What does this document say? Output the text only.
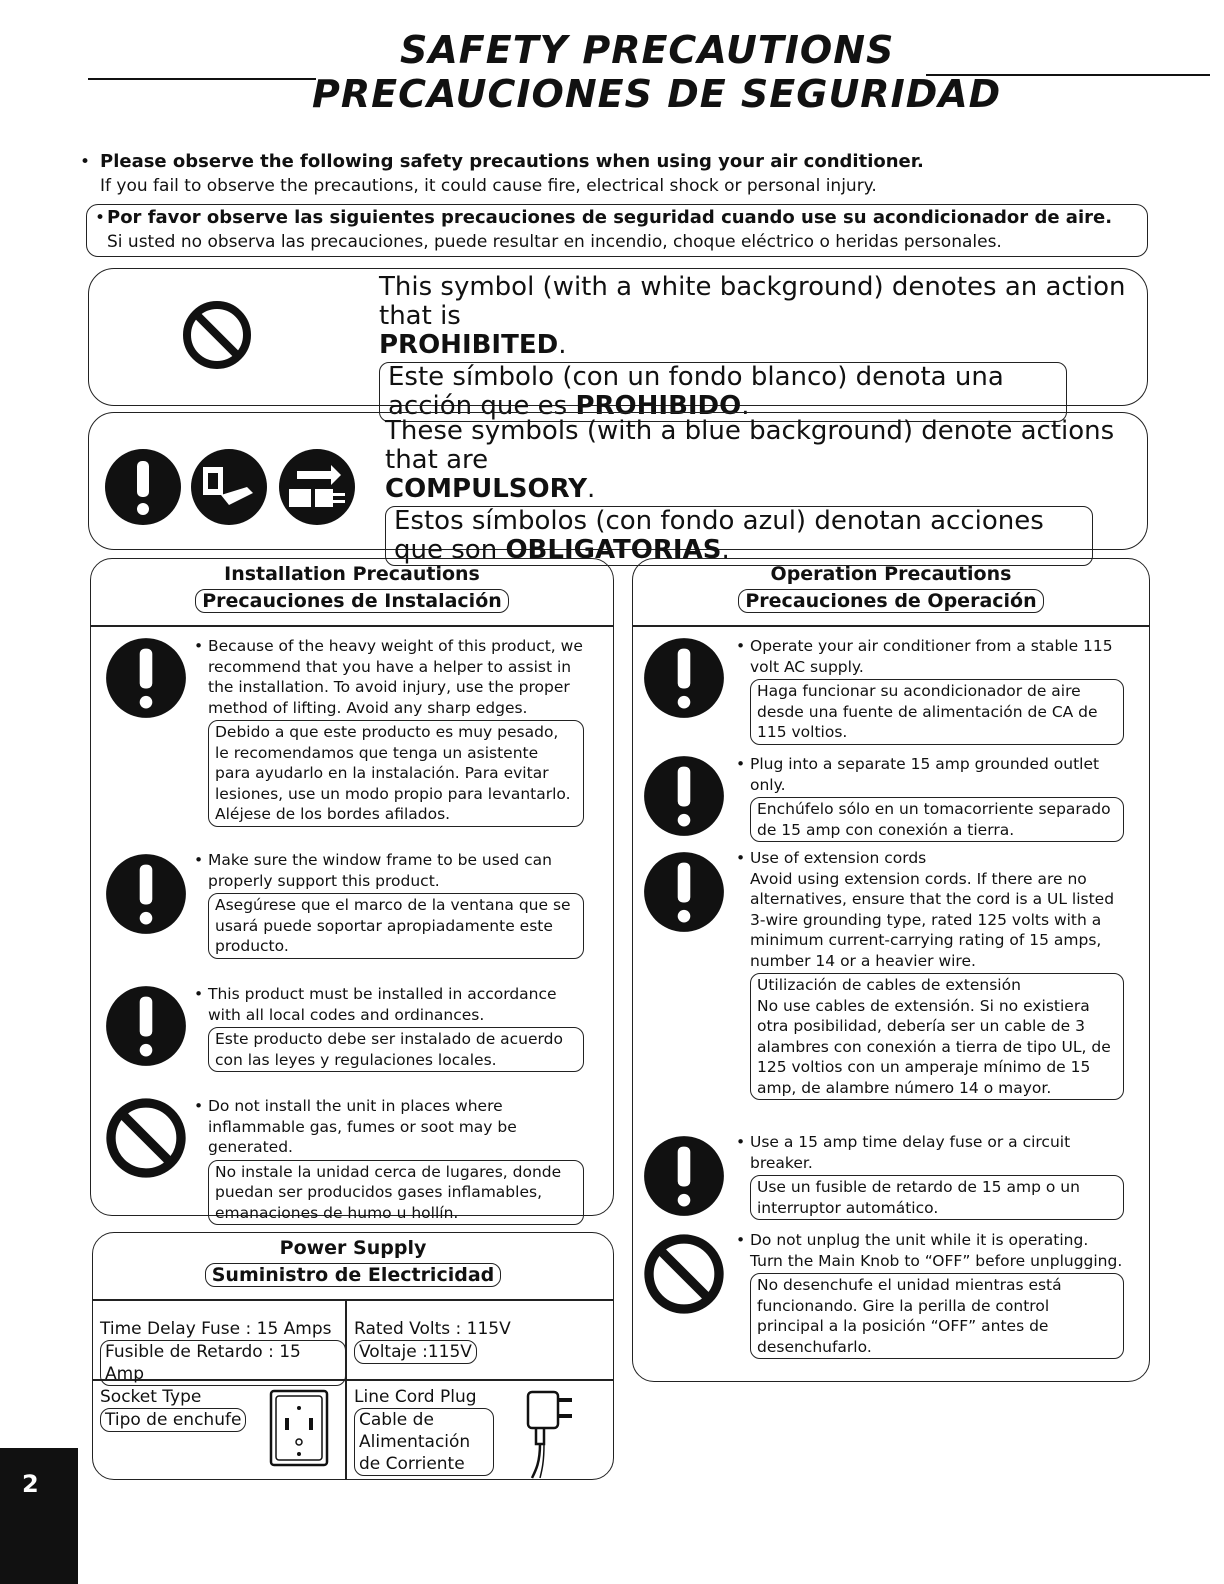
SAFETY PRECAUTIONS
PRECAUCIONES DE SEGURIDAD
• Please observe the following safety precautions when using your air conditioner.
If you fail to observe the precautions, it could cause fire, electrical shock or personal injury.
• Por favor observe las siguientes precauciones de seguridad cuando use su acondicionador de aire.
Si usted no observa las precauciones, puede resultar en incendio, choque eléctrico o heridas personales.
This symbol (with a white background) denotes an action that is
PROHIBITED.
Este símbolo (con un fondo blanco) denota una acción que es PROHIBIDO.
These symbols (with a blue background) denote actions that are
COMPULSORY.
Estos símbolos (con fondo azul) denotan acciones que son OBLIGATORIAS.
Installation Precautions
Precauciones de Instalación
• Because of the heavy weight of this product, we recommend that you have a helper to assist in the installation. To avoid injury, use the proper method of lifting. Avoid any sharp edges.

Debido a que este producto es muy pesado, le recomendamos que tenga un asistente para ayudarlo en la instalación. Para evitar lesiones, use un modo propio para levantarlo. Aléjese de los bordes afilados.

• Make sure the window frame to be used can properly support this product.

Asegúrese que el marco de la ventana que se usará puede soportar apropiadamente este producto.

• This product must be installed in accordance with all local codes and ordinances.

Este producto debe ser instalado de acuerdo con las leyes y regulaciones locales.

• Do not install the unit in places where inflammable gas, fumes or soot may be generated.

No instale la unidad cerca de lugares, donde puedan ser producidos gases inflamables, emanaciones de humo u hollín.

Operation Precautions
Precauciones de Operación
• Operate your air conditioner from a stable 115 volt AC supply.

Haga funcionar su acondicionador de aire desde una fuente de alimentación de CA de 115 voltios.

• Plug into a separate 15 amp grounded outlet only.

Enchúfelo sólo en un tomacorriente separado de 15 amp con conexión a tierra.

• Use of extension cords

Avoid using extension cords. If there are no alternatives, ensure that the cord is a UL listed 3-wire grounding type, rated 125 volts with a minimum current-carrying rating of 15 amps, number 14 or a heavier wire.

Utilización de cables de extensión

No use cables de extensión. Si no existiera otra posibilidad, debería ser un cable de 3 alambres con conexión a tierra de tipo UL, de 125 voltios con un amperaje mínimo de 15 amp, de alambre número 14 o mayor.

• Use a 15 amp time delay fuse or a circuit breaker.

Use un fusible de retardo de 15 amp o un interruptor automático.

• Do not unplug the unit while it is operating. Turn the Main Knob to “OFF” before unplugging.

No desenchufe el unidad mientras está funcionando. Gire la perilla de control principal a la posición “OFF” antes de desenchufarlo.

Power Supply
Suministro de Electricidad
Time Delay Fuse : 15 Amps
Fusible de Retardo : 15 Amp
Rated Volts : 115V
Voltaje :115V
Socket Type
Tipo de enchufe
Line Cord Plug
Cable de Alimentación de Corriente
2
